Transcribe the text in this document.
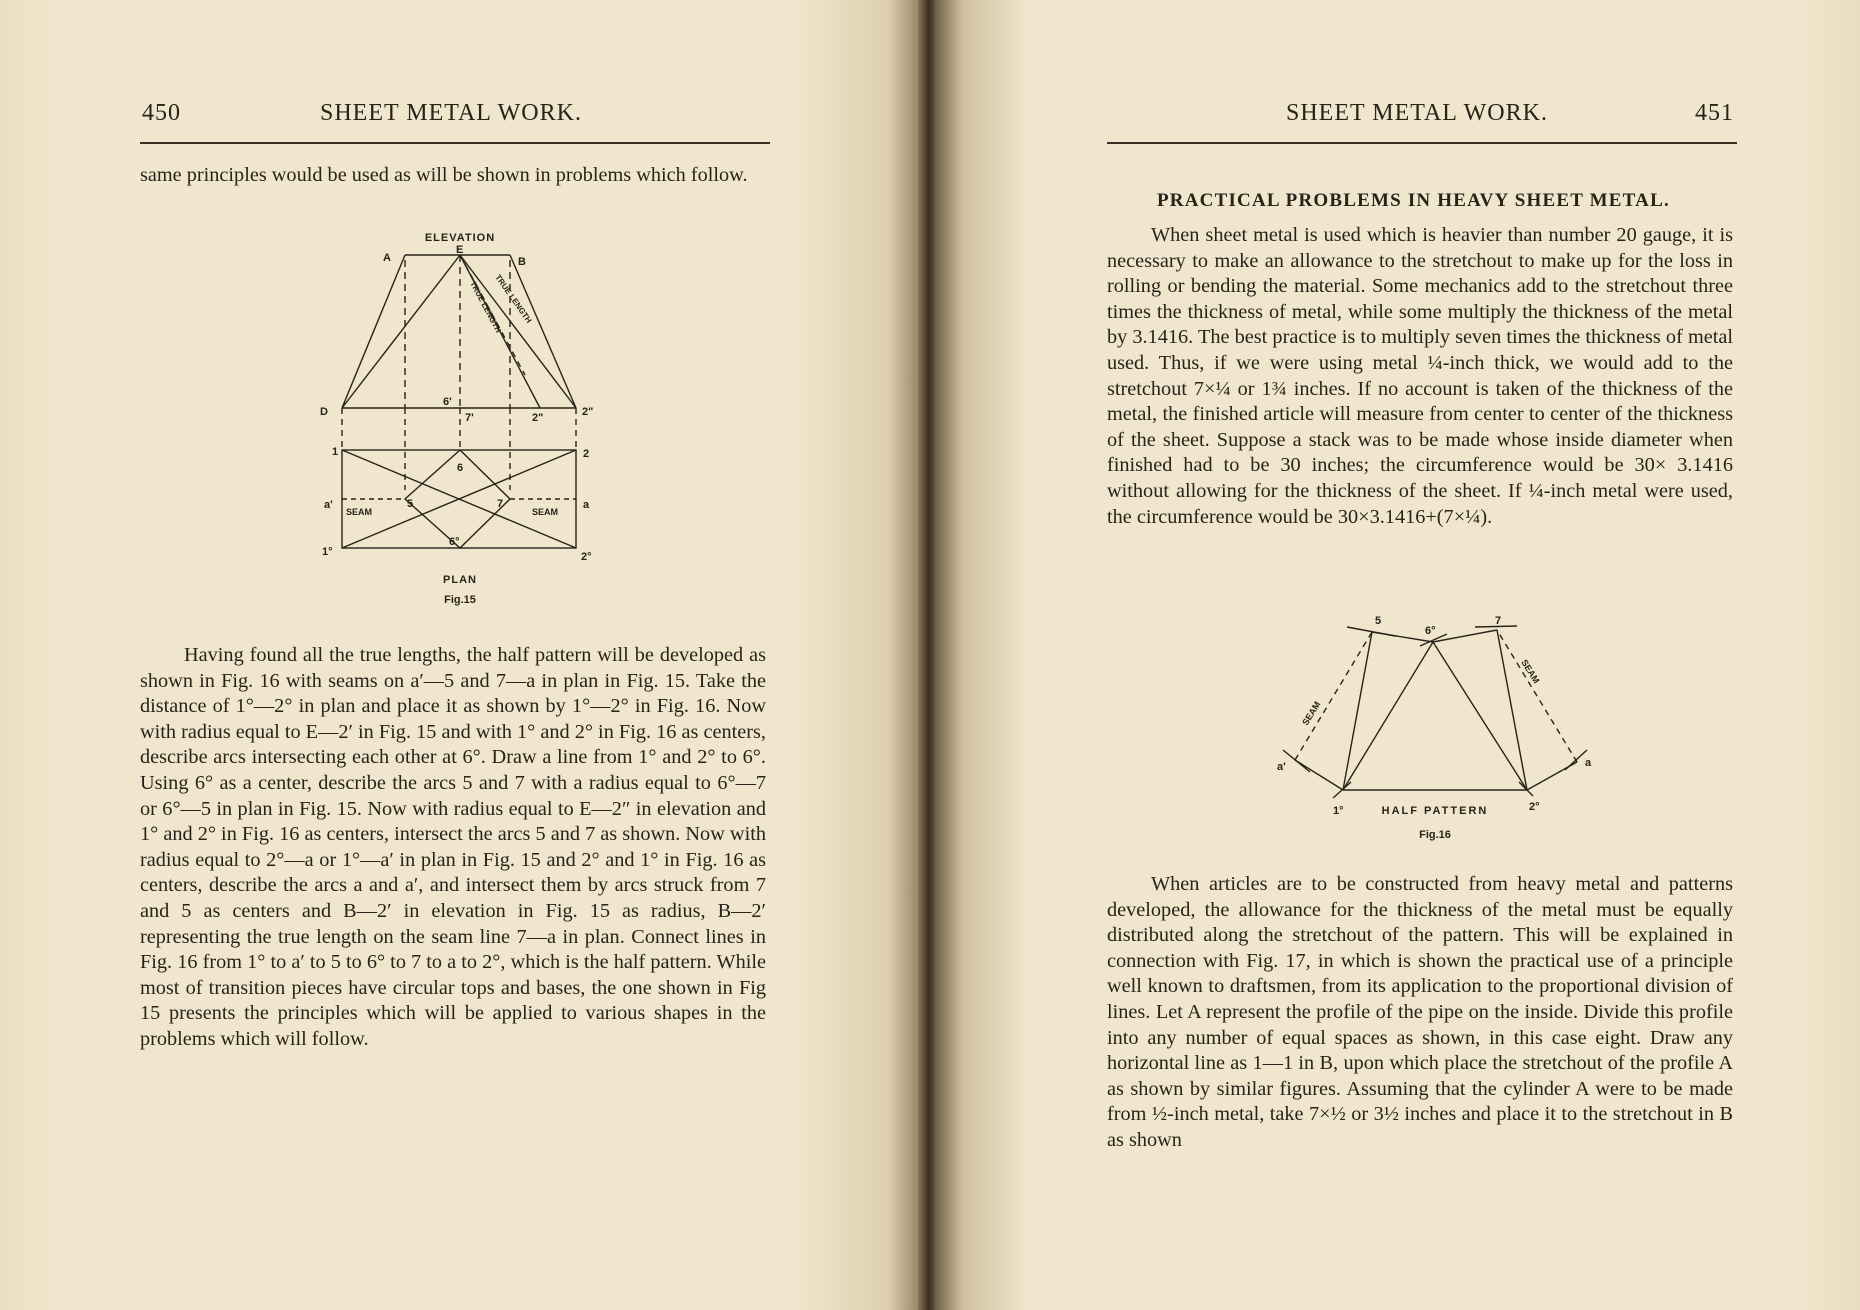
450	SHEET METAL WORK.
same principles would be used as will be shown in problems which follow.
ELEVATION
A
E
B
D	2"
1	2
a'	a
1°	2°
6'
7'	2"
6
5	7
6°
SEAM	SEAM
TRUE LENGTH
TRUE LENGTH
PLAN
Fig.15
Having found all the true lengths, the half pattern will be developed as shown in Fig. 16 with seams on a′—5 and 7—a in plan in Fig. 15. Take the distance of 1°—2° in plan and place it as shown by 1°—2° in Fig. 16. Now with radius equal to E—2′ in Fig. 15 and with 1° and 2° in Fig. 16 as centers, describe arcs intersecting each other at 6°. Draw a line from 1° and 2° to 6°. Using 6° as a center, describe the arcs 5 and 7 with a radius equal to 6°—7 or 6°—5 in plan in Fig. 15. Now with radius equal to E—2″ in elevation and 1° and 2° in Fig. 16 as centers, intersect the arcs 5 and 7 as shown. Now with radius equal to 2°—a or 1°—a′ in plan in Fig. 15 and 2° and 1° in Fig. 16 as centers, describe the arcs a and a′, and intersect them by arcs struck from 7 and 5 as centers and B—2′ in elevation in Fig. 15 as radius, B—2′ representing the true length on the seam line 7—a in plan. Connect lines in Fig. 16 from 1° to a′ to 5 to 6° to 7 to a to 2°, which is the half pattern. While most of transition pieces have circular tops and bases, the one shown in Fig 15 presents the principles which will be applied to various shapes in the problems which will follow.
SHEET METAL WORK.	451
PRACTICAL PROBLEMS IN HEAVY SHEET METAL.
When sheet metal is used which is heavier than number 20 gauge, it is necessary to make an allowance to the stretchout to make up for the loss in rolling or bending the material. Some mechanics add to the stretchout three times the thickness of metal, while some multiply the thickness of the metal by 3.1416. The best practice is to multiply seven times the thickness of metal used. Thus, if we were using metal ¼-inch thick, we would add to the stretchout 7×¼ or 1¾ inches. If no account is taken of the thickness of the metal, the finished article will measure from center to center of the thickness of the sheet. Suppose a stack was to be made whose inside diameter when finished had to be 30 inches; the circumference would be 30× 3.1416 without allowing for the thickness of the sheet. If ¼-inch metal were used, the circumference would be 30×3.1416+(7×¼).
5
6°
7
a'	a
1°	2°
SEAM
SEAM
HALF PATTERN
Fig.16
When articles are to be constructed from heavy metal and patterns developed, the allowance for the thickness of the metal must be equally distributed along the stretchout of the pattern. This will be explained in connection with Fig. 17, in which is shown the practical use of a principle well known to draftsmen, from its application to the proportional division of lines. Let A represent the profile of the pipe on the inside. Divide this profile into any number of equal spaces as shown, in this case eight. Draw any horizontal line as 1—1 in B, upon which place the stretchout of the profile A as shown by similar figures. Assuming that the cylinder A were to be made from ½-inch metal, take 7×½ or 3½ inches and place it to the stretchout in B as shown
